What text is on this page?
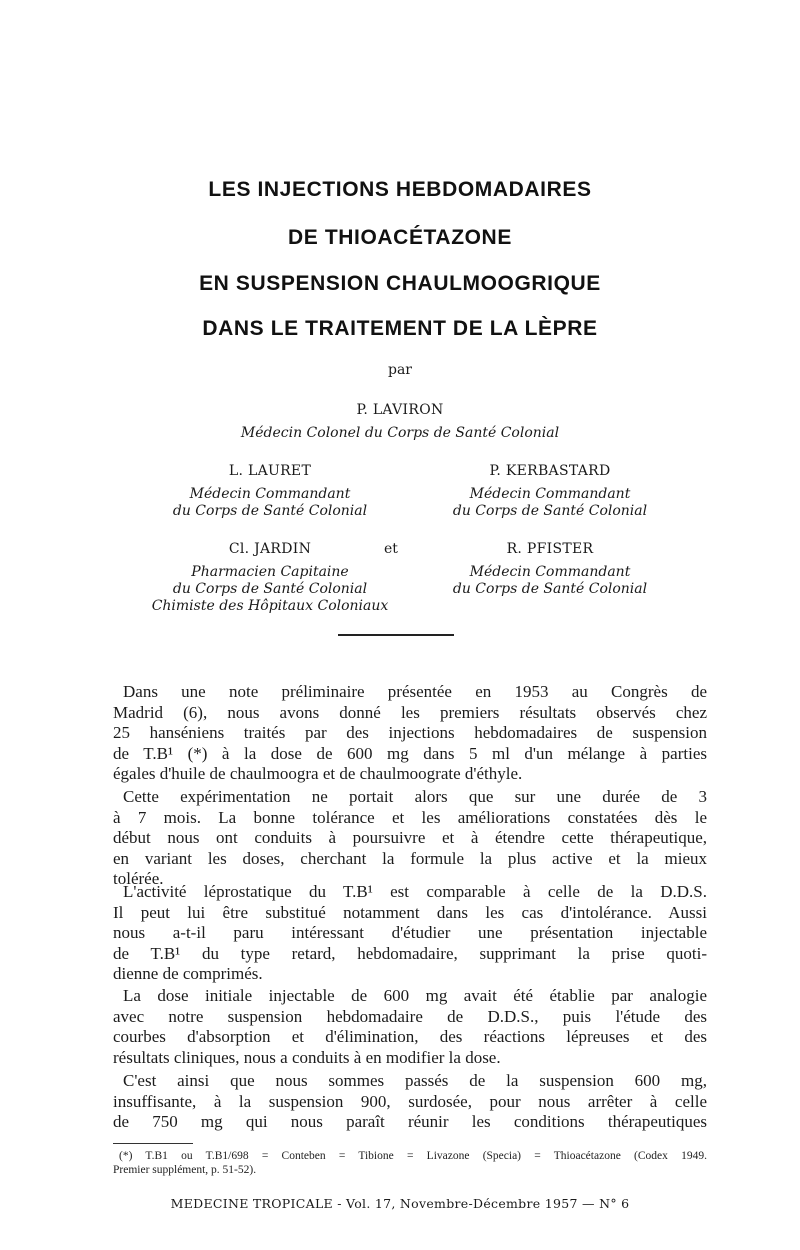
LES INJECTIONS HEBDOMADAIRES
DE THIOACÉTAZONE
EN SUSPENSION CHAULMOOGRIQUE
DANS LE TRAITEMENT DE LA LÈPRE
par
P. LAVIRON
Médecin Colonel du Corps de Santé Colonial
L. LAURET
Médecin Commandant
du Corps de Santé Colonial
P. KERBASTARD
Médecin Commandant
du Corps de Santé Colonial
Cl. JARDIN
Pharmacien Capitaine
du Corps de Santé Colonial
Chimiste des Hôpitaux Coloniaux
et	R. PFISTER
Médecin Commandant
du Corps de Santé Colonial
Dans une note préliminaire présentée en 1953 au Congrès de
Madrid (6), nous avons donné les premiers résultats observés chez
25 hanséniens traités par des injections hebdomadaires de suspension
de T.B¹ (*) à la dose de 600 mg dans 5 ml d'un mélange à parties
égales d'huile de chaulmoogra et de chaulmoograte d'éthyle.
Cette expérimentation ne portait alors que sur une durée de 3
à 7 mois. La bonne tolérance et les améliorations constatées dès le
début nous ont conduits à poursuivre et à étendre cette thérapeutique,
en variant les doses, cherchant la formule la plus active et la mieux
tolérée.
L'activité léprostatique du T.B¹ est comparable à celle de la D.D.S.
Il peut lui être substitué notamment dans les cas d'intolérance. Aussi
nous a-t-il paru intéressant d'étudier une présentation injectable
de T.B¹ du type retard, hebdomadaire, supprimant la prise quoti-
dienne de comprimés.
La dose initiale injectable de 600 mg avait été établie par analogie
avec notre suspension hebdomadaire de D.D.S., puis l'étude des
courbes d'absorption et d'élimination, des réactions lépreuses et des
résultats cliniques, nous a conduits à en modifier la dose.
C'est ainsi que nous sommes passés de la suspension 600 mg,
insuffisante, à la suspension 900, surdosée, pour nous arrêter à celle
de 750 mg qui nous paraît réunir les conditions thérapeutiques
(*) T.B1 ou T.B1/698 = Conteben = Tibione = Livazone (Specia) = Thioacétazone (Codex 1949.
Premier supplément, p. 51-52).
MEDECINE TROPICALE - Vol. 17, Novembre-Décembre 1957 — N° 6
